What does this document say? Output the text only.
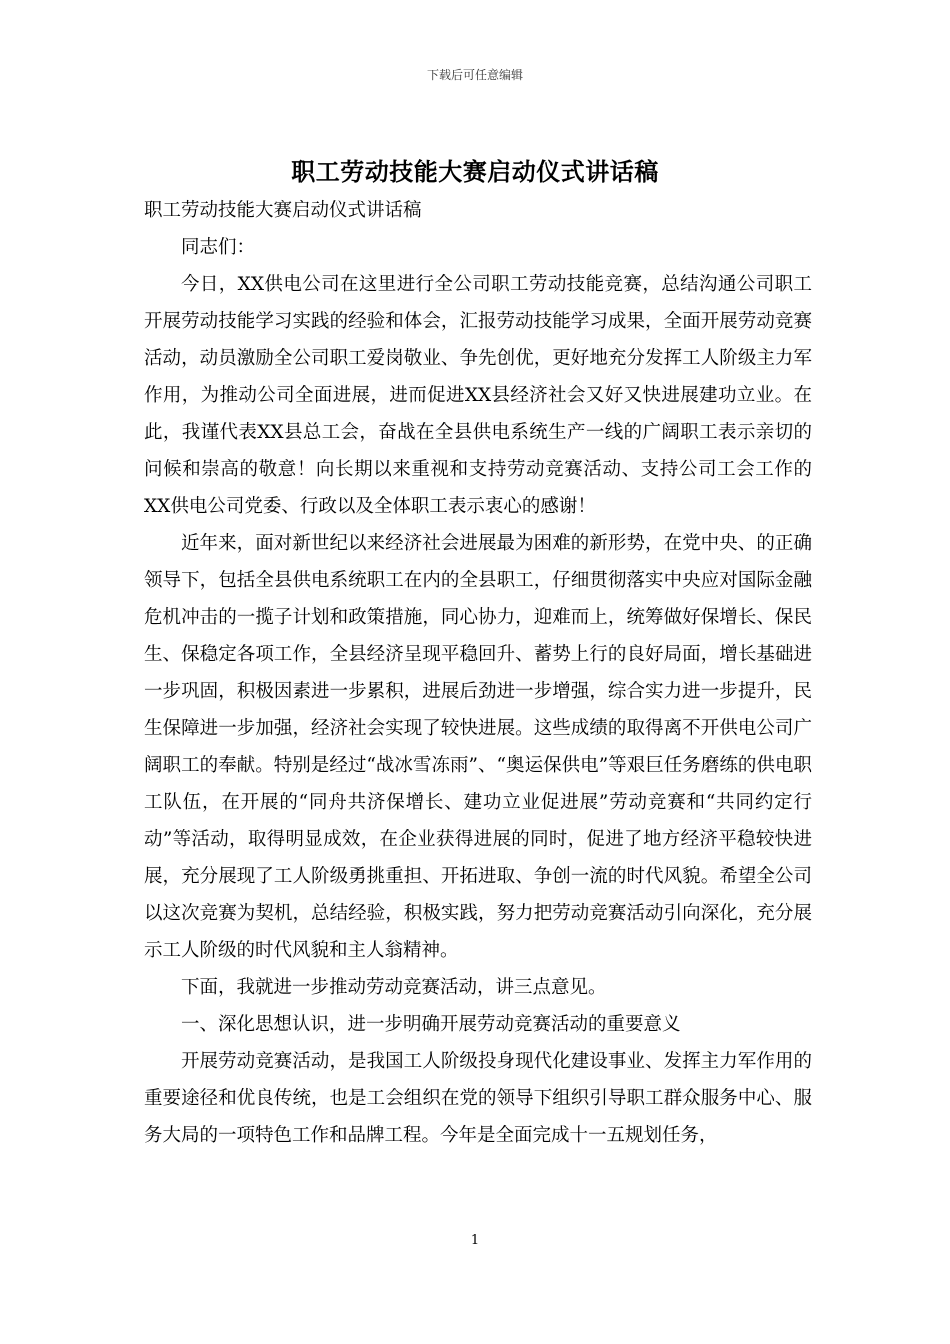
下载后可任意编辑
职工劳动技能大赛启动仪式讲话稿

职工劳动技能大赛启动仪式讲话稿

同志们：

今日，XX供电公司在这里进行全公司职工劳动技能竞赛，总结沟通公司职工开展劳动技能学习实践的经验和体会，汇报劳动技能学习成果，全面开展劳动竞赛活动，动员激励全公司职工爱岗敬业、争先创优，更好地充分发挥工人阶级主力军作用，为推动公司全面进展，进而促进XX县经济社会又好又快进展建功立业。在此，我谨代表XX县总工会，奋战在全县供电系统生产一线的广阔职工表示亲切的问候和崇高的敬意！向长期以来重视和支持劳动竞赛活动、支持公司工会工作的XX供电公司党委、行政以及全体职工表示衷心的感谢！

近年来，面对新世纪以来经济社会进展最为困难的新形势，在党中央、的正确领导下，包括全县供电系统职工在内的全县职工，仔细贯彻落实中央应对国际金融危机冲击的一揽子计划和政策措施，同心协力，迎难而上，统筹做好保增长、保民生、保稳定各项工作，全县经济呈现平稳回升、蓄势上行的良好局面，增长基础进一步巩固，积极因素进一步累积，进展后劲进一步增强，综合实力进一步提升，民生保障进一步加强，经济社会实现了较快进展。这些成绩的取得离不开供电公司广阔职工的奉献。特别是经过“战冰雪冻雨”、“奥运保供电”等艰巨任务磨练的供电职工队伍，在开展的“同舟共济保增长、建功立业促进展”劳动竞赛和“共同约定行动”等活动，取得明显成效，在企业获得进展的同时，促进了地方经济平稳较快进展，充分展现了工人阶级勇挑重担、开拓进取、争创一流的时代风貌。希望全公司以这次竞赛为契机，总结经验，积极实践，努力把劳动竞赛活动引向深化，充分展示工人阶级的时代风貌和主人翁精神。

下面，我就进一步推动劳动竞赛活动，讲三点意见。

一、深化思想认识，进一步明确开展劳动竞赛活动的重要意义

开展劳动竞赛活动，是我国工人阶级投身现代化建设事业、发挥主力军作用的重要途径和优良传统，也是工会组织在党的领导下组织引导职工群众服务中心、服务大局的一项特色工作和品牌工程。今年是全面完成十一五规划任务，

1
